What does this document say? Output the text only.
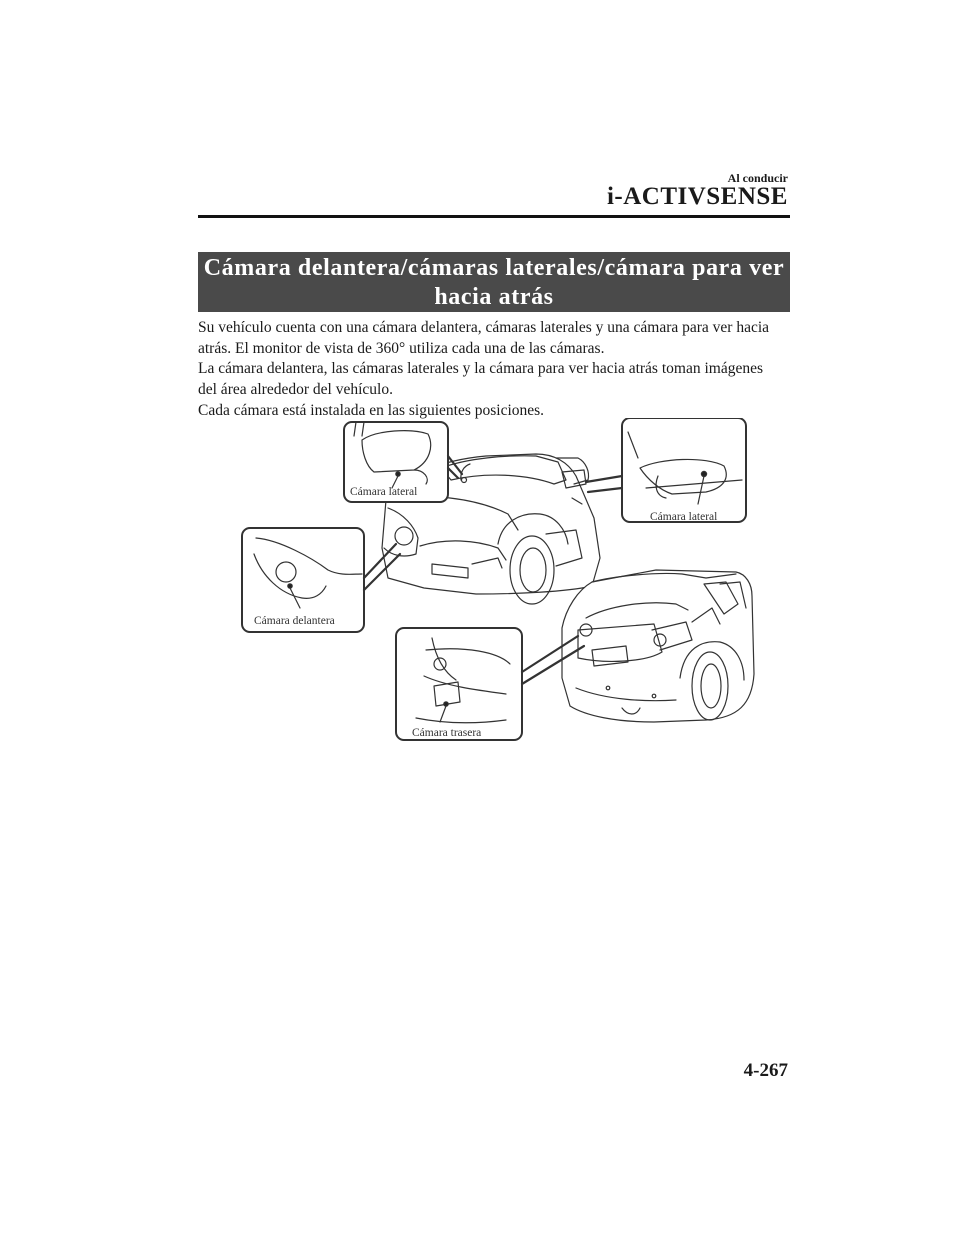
Al conducir
i-ACTIVSENSE
Cámara delantera/cámaras laterales/cámara para ver
hacia atrás

Su vehículo cuenta con una cámara delantera, cámaras laterales y una cámara para ver hacia

atrás. El monitor de vista de 360° utiliza cada una de las cámaras.

La cámara delantera, las cámaras laterales y la cámara para ver hacia atrás toman imágenes

del área alrededor del vehículo.

Cada cámara está instalada en las siguientes posiciones.

Cámara lateral
Cámara lateral
Cámara delantera
Cámara trasera
4-267
